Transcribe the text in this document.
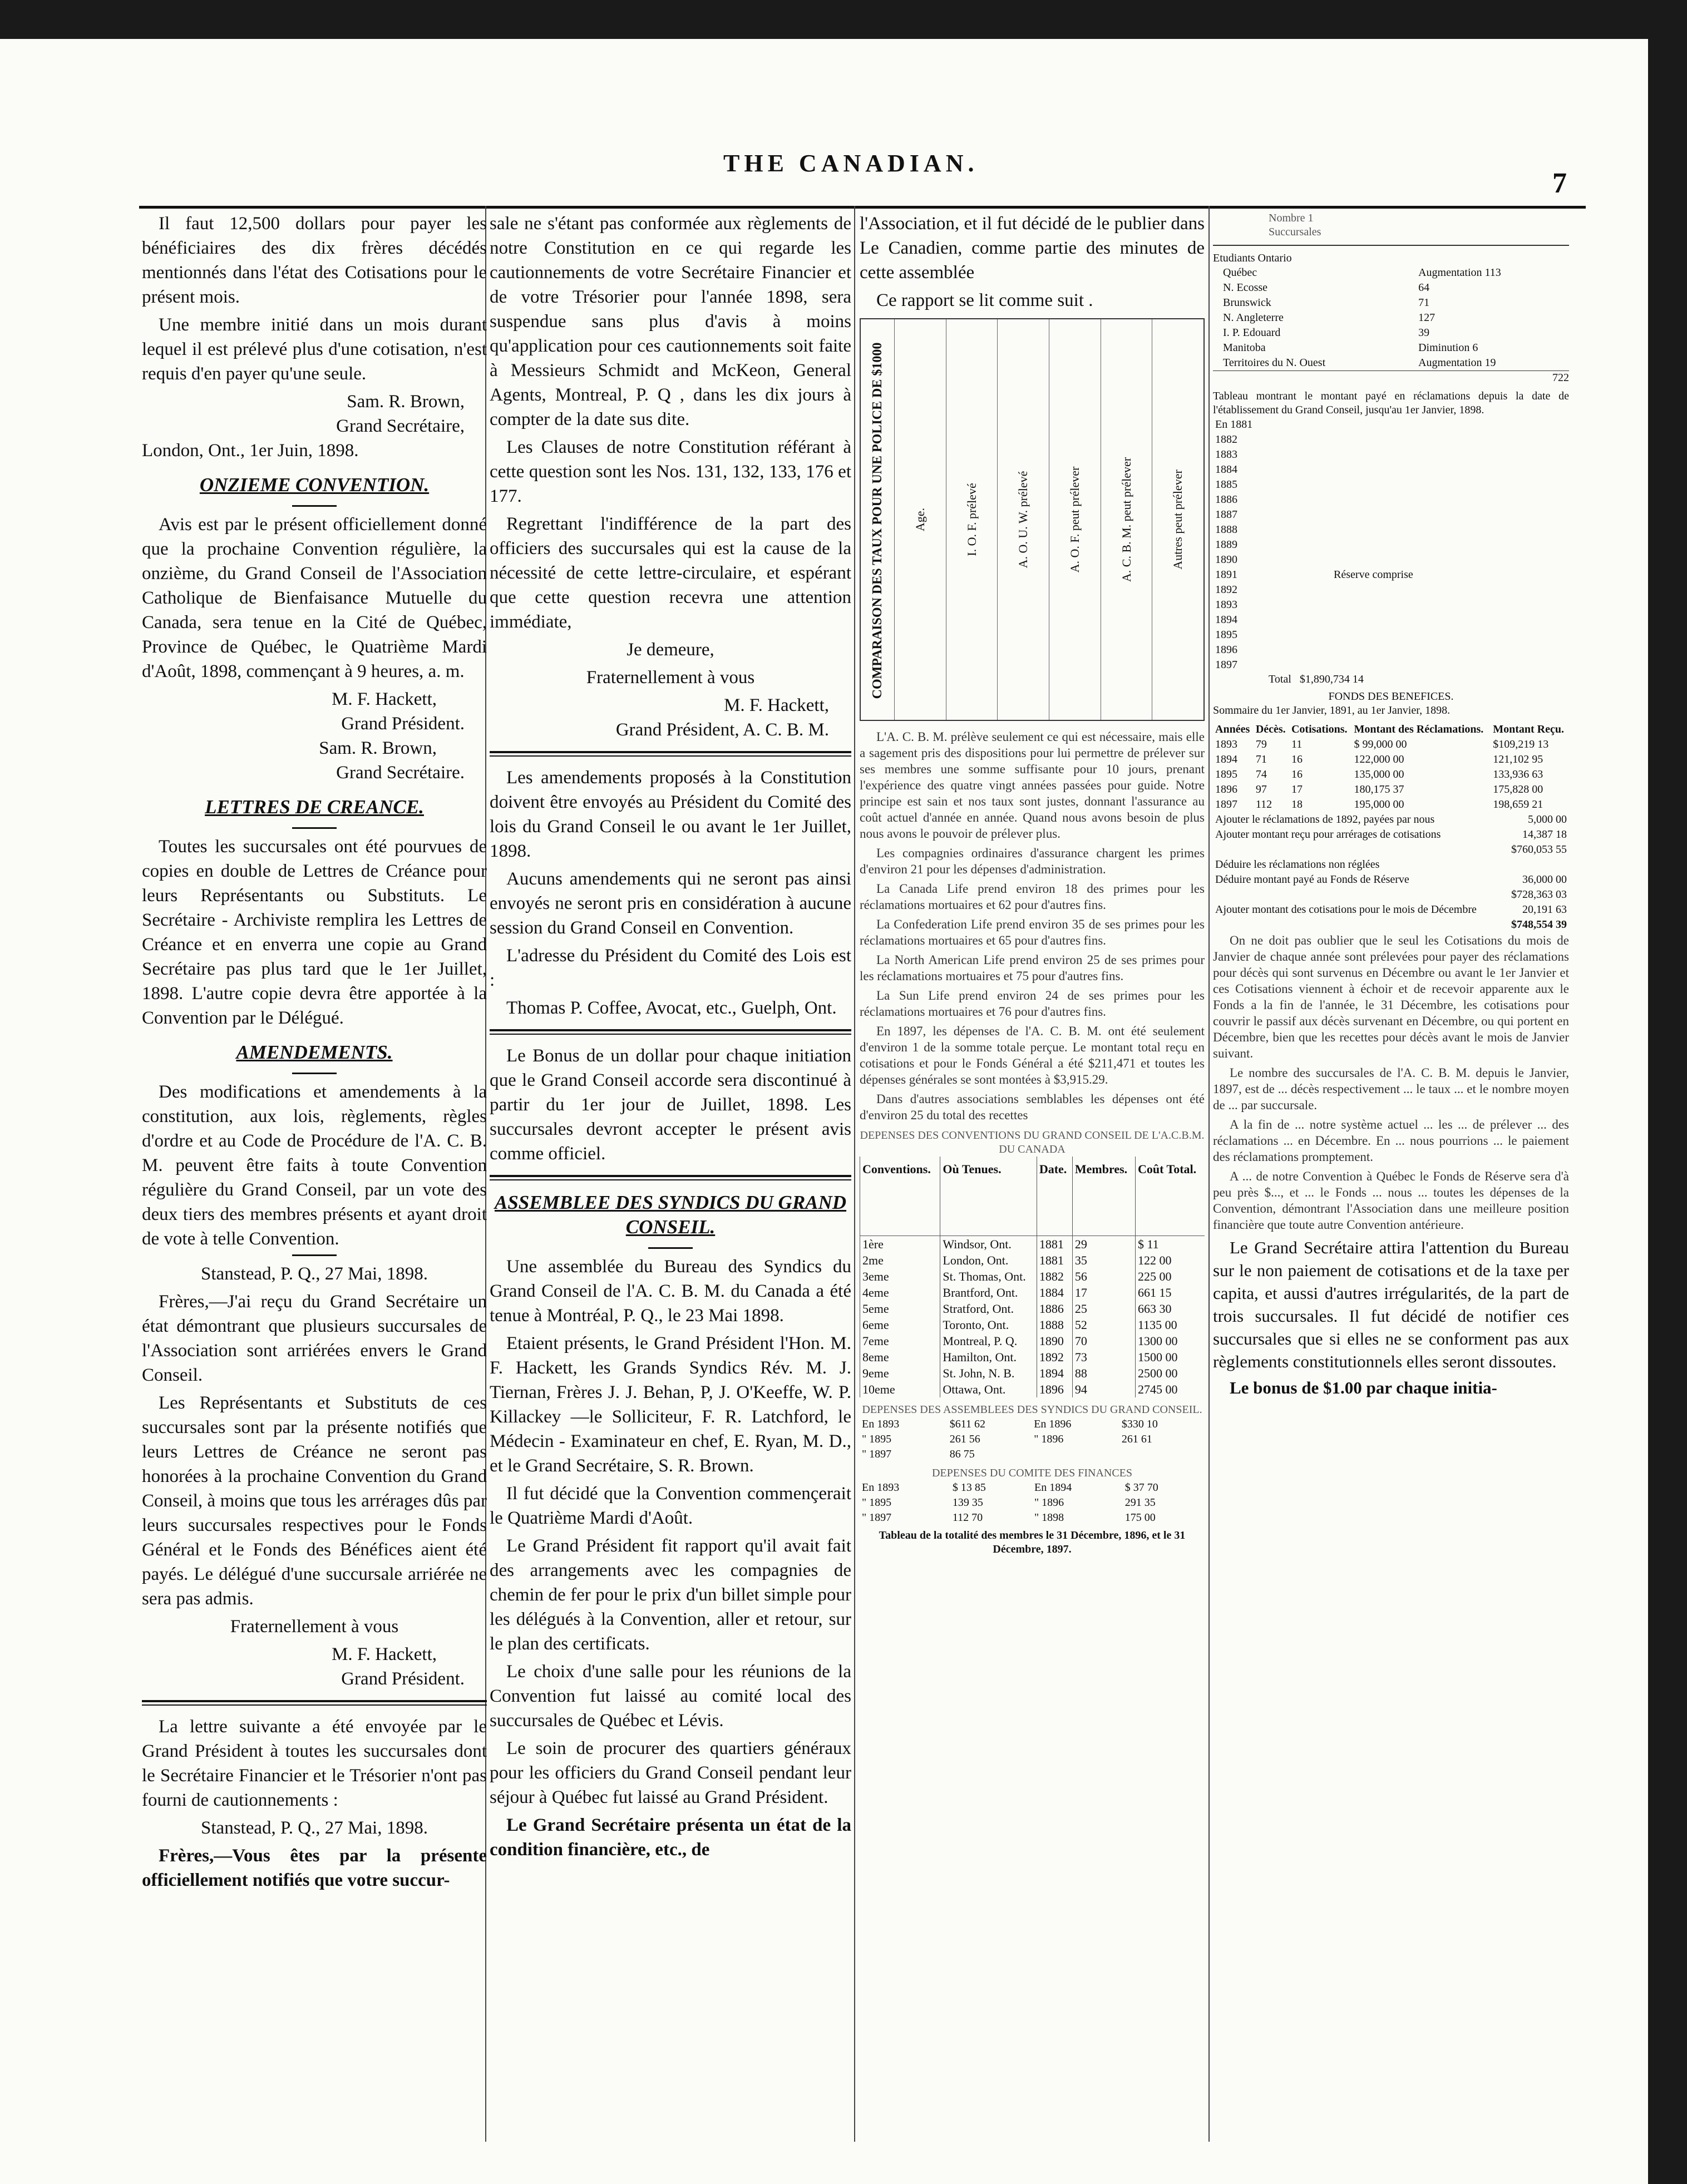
THE CANADIAN.
7

Il faut 12,500 dollars pour payer les bénéficiaires des dix frères décédés mentionnés dans l'état des Cotisations pour le présent mois.

Une membre initié dans un mois durant lequel il est prélevé plus d'une cotisation, n'est requis d'en payer qu'une seule.

Sam. R. Brown,

Grand Secrétaire,

London, Ont., 1er Juin, 1898.

ONZIEME CONVENTION.

Avis est par le présent officiellement donné que la prochaine Convention régulière, la onzième, du Grand Conseil de l'Association Catholique de Bienfaisance Mutuelle du Canada, sera tenue en la Cité de Québec, Province de Québec, le Quatrième Mardi d'Août, 1898, commençant à 9 heures, a. m.

M. F. Hackett,

Grand Président.

Sam. R. Brown,

Grand Secrétaire.

LETTRES DE CREANCE.

Toutes les succursales ont été pourvues de copies en double de Lettres de Créance pour leurs Représentants ou Substituts. Le Secrétaire - Archiviste remplira les Lettres de Créance et en enverra une copie au Grand Secrétaire pas plus tard que le 1er Juillet, 1898. L'autre copie devra être apportée à la Convention par le Délégué.

AMENDEMENTS.

Des modifications et amendements à la constitution, aux lois, règlements, règles d'ordre et au Code de Procédure de l'A. C. B. M. peuvent être faits à toute Convention régulière du Grand Conseil, par un vote des deux tiers des membres présents et ayant droit de vote à telle Convention.

Stanstead, P. Q., 27 Mai, 1898.

Frères,—J'ai reçu du Grand Secrétaire un état démontrant que plusieurs succursales de l'Association sont arriérées envers le Grand Conseil.

Les Représentants et Substituts de ces succursales sont par la présente notifiés que leurs Lettres de Créance ne seront pas honorées à la prochaine Convention du Grand Conseil, à moins que tous les arrérages dûs par leurs succursales respectives pour le Fonds Général et le Fonds des Bénéfices aient été payés. Le délégué d'une succursale arriérée ne sera pas admis.

Fraternellement à vous

M. F. Hackett,

Grand Président.

La lettre suivante a été envoyée par le Grand Président à toutes les succursales dont le Secrétaire Financier et le Trésorier n'ont pas fourni de cautionnements :

Stanstead, P. Q., 27 Mai, 1898.

Frères,—Vous êtes par la présente officiellement notifiés que votre succur-

sale ne s'étant pas conformée aux règlements de notre Constitution en ce qui regarde les cautionnements de votre Secrétaire Financier et de votre Trésorier pour l'année 1898, sera suspendue sans plus d'avis à moins qu'application pour ces cautionnements soit faite à Messieurs Schmidt and McKeon, General Agents, Montreal, P. Q , dans les dix jours à compter de la date sus dite.

Les Clauses de notre Constitution référant à cette question sont les Nos. 131, 132, 133, 176 et 177.

Regrettant l'indifférence de la part des officiers des succursales qui est la cause de la nécessité de cette lettre-circulaire, et espérant que cette question recevra une attention immédiate,

Je demeure,

Fraternellement à vous

M. F. Hackett,

Grand Président, A. C. B. M.

Les amendements proposés à la Constitution doivent être envoyés au Président du Comité des lois du Grand Conseil le ou avant le 1er Juillet, 1898.

Aucuns amendements qui ne seront pas ainsi envoyés ne seront pris en considération à aucune session du Grand Conseil en Convention.

L'adresse du Président du Comité des Lois est :

Thomas P. Coffee, Avocat, etc., Guelph, Ont.

Le Bonus de un dollar pour chaque initiation que le Grand Conseil accorde sera discontinué à partir du 1er jour de Juillet, 1898. Les succursales devront accepter le présent avis comme officiel.

ASSEMBLEE DES SYNDICS DU GRAND CONSEIL.

Une assemblée du Bureau des Syndics du Grand Conseil de l'A. C. B. M. du Canada a été tenue à Montréal, P. Q., le 23 Mai 1898.

Etaient présents, le Grand Président l'Hon. M. F. Hackett, les Grands Syndics Rév. M. J. Tiernan, Frères J. J. Behan, P, J. O'Keeffe, W. P. Killackey —le Solliciteur, F. R. Latchford, le Médecin - Examinateur en chef, E. Ryan, M. D., et le Grand Secrétaire, S. R. Brown.

Il fut décidé que la Convention commençerait le Quatrième Mardi d'Août.

Le Grand Président fit rapport qu'il avait fait des arrangements avec les compagnies de chemin de fer pour le prix d'un billet simple pour les délégués à la Convention, aller et retour, sur le plan des certificats.

Le choix d'une salle pour les réunions de la Convention fut laissé au comité local des succursales de Québec et Lévis.

Le soin de procurer des quartiers généraux pour les officiers du Grand Conseil pendant leur séjour à Québec fut laissé au Grand Président.

Le Grand Secrétaire présenta un état de la condition financière, etc., de

l'Association, et il fut décidé de le publier dans Le Canadien, comme partie des minutes de cette assemblée

Ce rapport se lit comme suit .

COMPARAISON DES TAUX POUR UNE POLICE DE $1000	Age.	I. O. F. prélevé	A. O. U. W. prélevé	A. O. F. peut prélever	A. C. B. M. peut prélever	Autres peut prélever

L'A. C. B. M. prélève seulement ce qui est nécessaire, mais elle a sagement pris des dispositions pour lui permettre de prélever sur ses membres une somme suffisante pour 10 jours, prenant l'expérience des quatre vingt années passées pour guide. Notre principe est sain et nos taux sont justes, donnant l'assurance au coût actuel d'année en année. Quand nous avons besoin de plus nous avons le pouvoir de prélever plus.

Les compagnies ordinaires d'assurance chargent les primes d'environ 21 pour les dépenses d'administration.

La Canada Life prend environ 18 des primes pour les réclamations mortuaires et 62 pour d'autres fins.

La Confederation Life prend environ 35 de ses primes pour les réclamations mortuaires et 65 pour d'autres fins.

La North American Life prend environ 25 de ses primes pour les réclamations mortuaires et 75 pour d'autres fins.

La Sun Life prend environ 24 de ses primes pour les réclamations mortuaires et 76 pour d'autres fins.

En 1897, les dépenses de l'A. C. B. M. ont été seulement d'environ 1 de la somme totale perçue. Le montant total reçu en cotisations et pour le Fonds Général a été $211,471 et toutes les dépenses générales se sont montées à $3,915.29.

Dans d'autres associations semblables les dépenses ont été d'environ 25 du total des recettes

DEPENSES DES CONVENTIONS DU GRAND CONSEIL DE L'A.C.B.M. DU CANADA
Conventions.	Où Tenues.	Date.	Membres.	Coût Total.
1ère	Windsor, Ont.	1881	29	$ 11
2me	London, Ont.	1881	35	122 00
3eme	St. Thomas, Ont.	1882	56	225 00
4eme	Brantford, Ont.	1884	17	661 15
5eme	Stratford, Ont.	1886	25	663 30
6eme	Toronto, Ont.	1888	52	1135 00
7eme	Montreal, P. Q.	1890	70	1300 00
8eme	Hamilton, Ont.	1892	73	1500 00
9eme	St. John, N. B.	1894	88	2500 00
10eme	Ottawa, Ont.	1896	94	2745 00
DEPENSES DES ASSEMBLEES DES SYNDICS DU GRAND CONSEIL.
En 1893	$611 62	En 1896	$330 10
" 1895	261 56	" 1896	261 61
" 1897	86 75		
DEPENSES DU COMITE DES FINANCES
En 1893	$ 13 85	En 1894	$ 37 70
" 1895	139 35	" 1896	291 35
" 1897	112 70	" 1898	175 00
Tableau de la totalité des membres le 31 Décembre, 1896, et le 31 Décembre, 1897.
Nombre 1
Succursales
Etudiants Ontario
	Québec		Augmentation 113
	N. Ecosse		64
	Brunswick		71
	N. Angleterre		127
	I. P. Edouard		39
	Manitoba		Diminution 6
	Territoires du N. Ouest		Augmentation 19
722
Tableau montrant le montant payé en réclamations depuis la date de l'établissement du Grand Conseil, jusqu'au 1er Janvier, 1898.
En 1881	
1882	
1883	
1884	
1885	
1886	
1887	
1888	
1889	
1890	
1891	Réserve comprise
1892	
1893	
1894	
1895	
1896	
1897	
Total $1,890,734 14
FONDS DES BENEFICES.
Sommaire du 1er Janvier, 1891, au 1er Janvier, 1898.
Années	Décès.	Cotisations.	Montant des Réclamations.	Montant Reçu.
1893	79	11	$ 99,000 00	$109,219 13
1894	71	16	122,000 00	121,102 95
1895	74	16	135,000 00	133,936 63
1896	97	17	180,175 37	175,828 00
1897	112	18	195,000 00	198,659 21
Ajouter le réclamations de 1892, payées par nous	5,000 00
Ajouter montant reçu pour arrérages de cotisations	14,387 18
	$760,053 55
Déduire les réclamations non réglées	
Déduire montant payé au Fonds de Réserve	36,000 00
	$728,363 03
Ajouter montant des cotisations pour le mois de Décembre	20,191 63
	$748,554 39

On ne doit pas oublier que le seul les Cotisations du mois de Janvier de chaque année sont prélevées pour payer des réclamations pour décès qui sont survenus en Décembre ou avant le 1er Janvier et ces Cotisations viennent à échoir et de recevoir apparente aux le Fonds a la fin de l'année, le 31 Décembre, les cotisations pour couvrir le passif aux décès survenant en Décembre, ou qui portent en Décembre, bien que les recettes pour décès avant le mois de Janvier suivant.

Le nombre des succursales de l'A. C. B. M. depuis le Janvier, 1897, est de ... décès respectivement ... le taux ... et le nombre moyen de ... par succursale.

A la fin de ... notre système actuel ... les ... de prélever ... des réclamations ... en Décembre. En ... nous pourrions ... le paiement des réclamations promptement.

A ... de notre Convention à Québec le Fonds de Réserve sera d'à peu près $..., et ... le Fonds ... nous ... toutes les dépenses de la Convention, démontrant l'Association dans une meilleure position financière que toute autre Convention antérieure.

Le Grand Secrétaire attira l'attention du Bureau sur le non paiement de cotisations et de la taxe per capita, et aussi d'autres irrégularités, de la part de trois succursales. Il fut décidé de notifier ces succursales que si elles ne se conforment pas aux règlements constitutionnels elles seront dissoutes.

Le bonus de $1.00 par chaque initia-
